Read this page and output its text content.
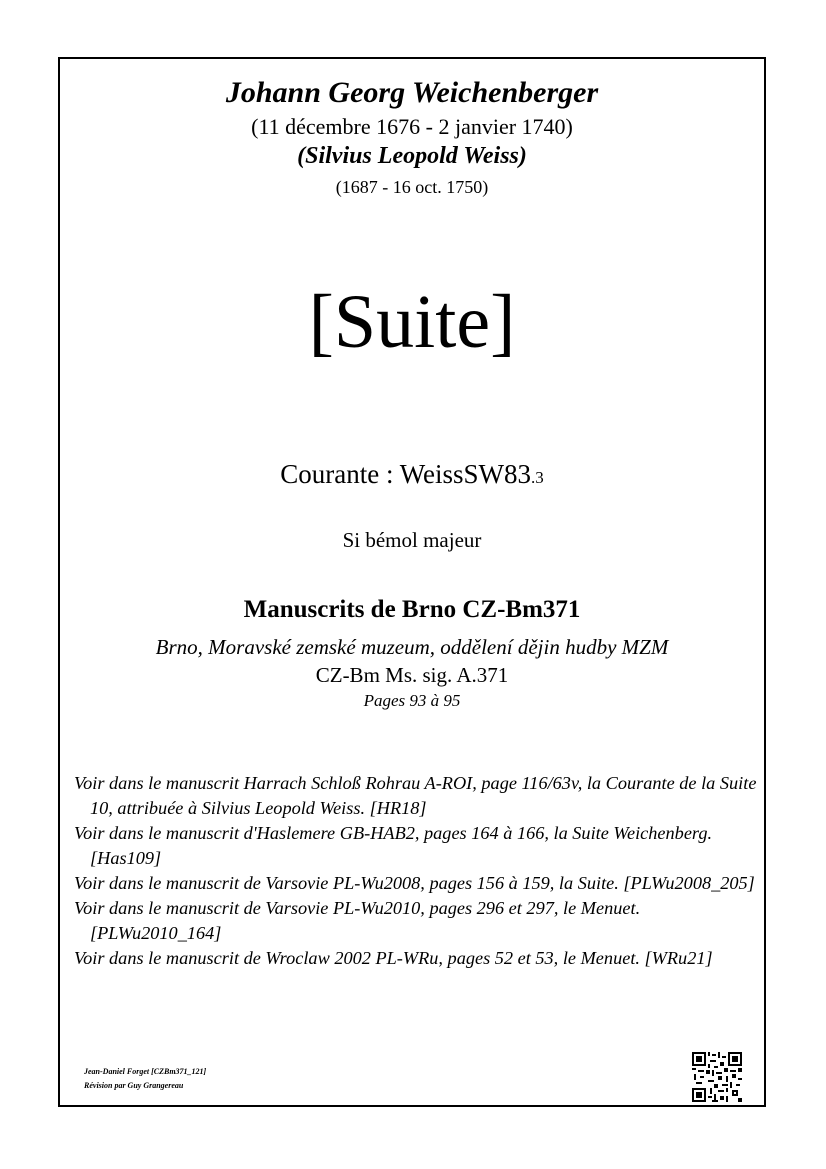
Johann Georg Weichenberger
(11 décembre 1676 - 2 janvier 1740)
(Silvius Leopold Weiss)
(1687 - 16 oct. 1750)
[Suite]
Courante : WeissSW83.3
Si bémol majeur
Manuscrits de Brno CZ-Bm371
Brno, Moravské zemské muzeum, oddělení dějin hudby MZM
CZ-Bm Ms. sig. A.371
Pages 93 à 95

Voir dans le manuscrit Harrach Schloß Rohrau A-ROI, page 116/63v, la Courante de la Suite 10, attribuée à Silvius Leopold Weiss. [HR18]

Voir dans le manuscrit d'Haslemere GB-HAB2, pages 164 à 166, la Suite Weichenberg. [Has109]

Voir dans le manuscrit de Varsovie PL-Wu2008, pages 156 à 159, la Suite. [PLWu2008_205]

Voir dans le manuscrit de Varsovie PL-Wu2010, pages 296 et 297, le Menuet. [PLWu2010_164]

Voir dans le manuscrit de Wroclaw 2002 PL-WRu, pages 52 et 53, le Menuet. [WRu21]

Jean-Daniel Forget [CZBm371_121]
Révision par Guy Grangereau
